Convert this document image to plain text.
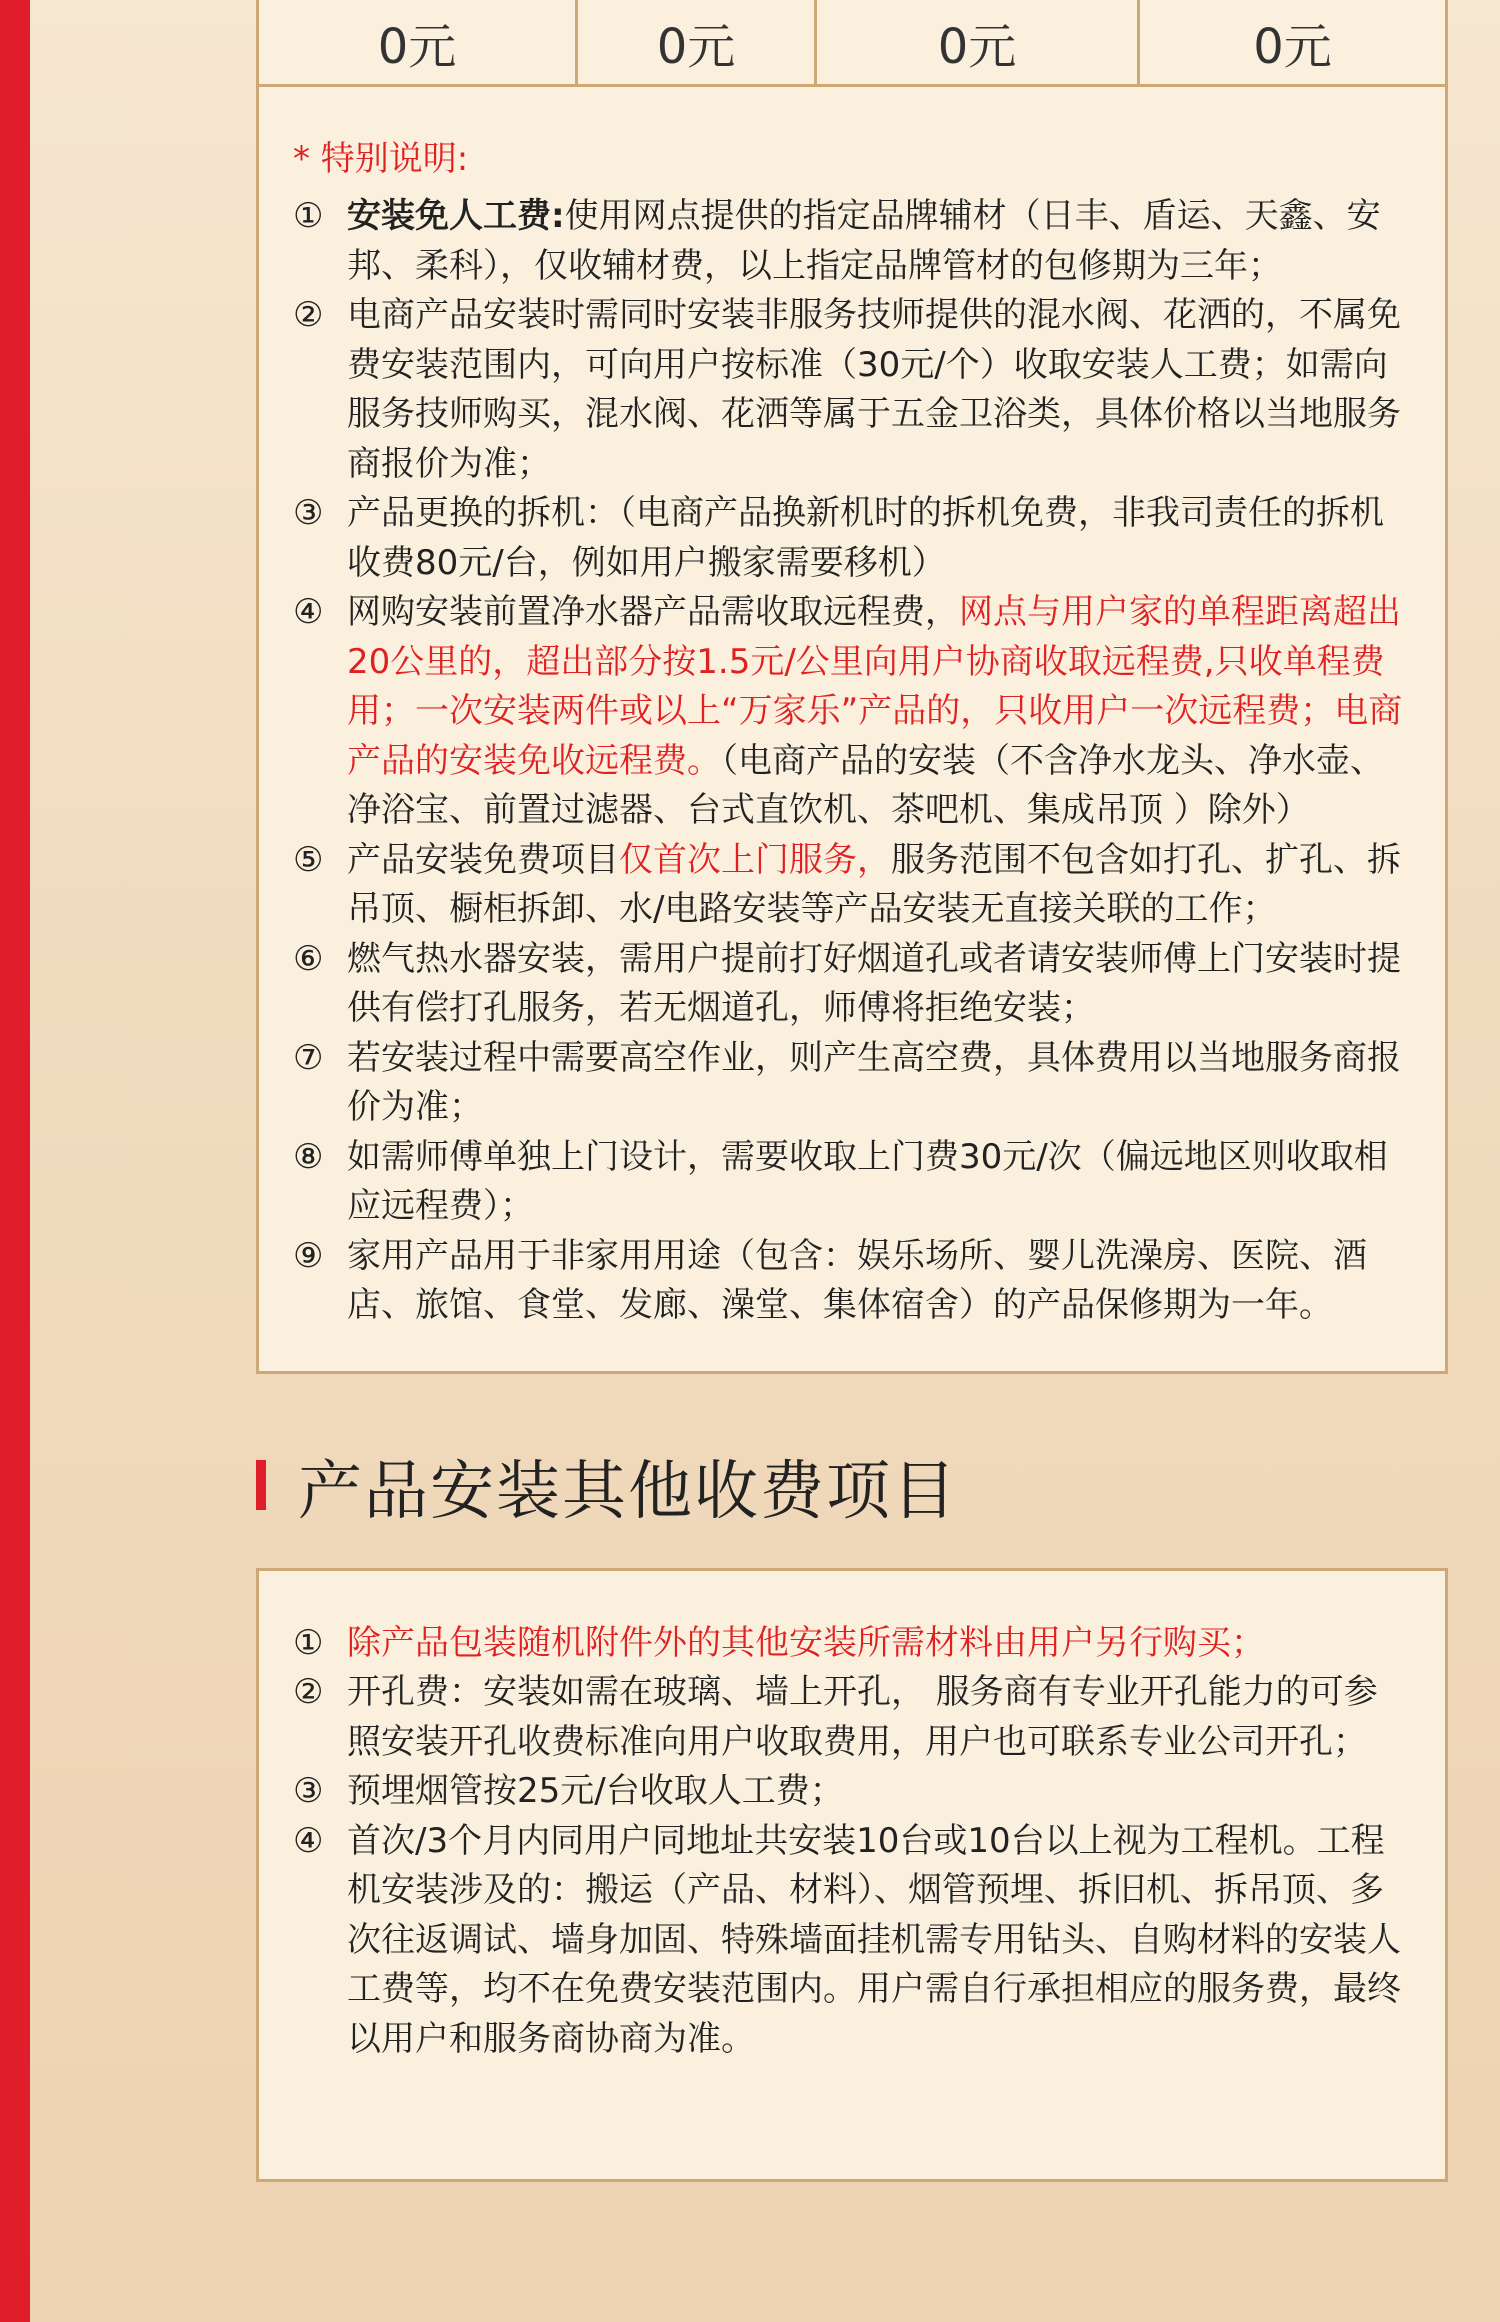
0元	0元	0元	0元
* 特别说明:
① 安装免人工费:使用网点提供的指定品牌辅材（日丰、盾运、天鑫、安邦、柔科），仅收辅材费，以上指定品牌管材的包修期为三年；
② 电商产品安装时需同时安装非服务技师提供的混水阀、花洒的，不属免费安装范围内，可向用户按标准（30元/个）收取安装人工费；如需向服务技师购买，混水阀、花洒等属于五金卫浴类，具体价格以当地服务商报价为准；
③ 产品更换的拆机：（电商产品换新机时的拆机免费，非我司责任的拆机收费80元/台，例如用户搬家需要移机）
④ 网购安装前置净水器产品需收取远程费，网点与用户家的单程距离超出20公里的，超出部分按1.5元/公里向用户协商收取远程费,只收单程费用；一次安装两件或以上“万家乐”产品的，只收用户一次远程费；电商产品的安装免收远程费。（电商产品的安装（不含净水龙头、净水壶、净浴宝、前置过滤器、台式直饮机、茶吧机、集成吊顶 ）除外）
⑤ 产品安装免费项目仅首次上门服务，服务范围不包含如打孔、扩孔、拆吊顶、橱柜拆卸、水/电路安装等产品安装无直接关联的工作；
⑥ 燃气热水器安装，需用户提前打好烟道孔或者请安装师傅上门安装时提供有偿打孔服务，若无烟道孔，师傅将拒绝安装；
⑦ 若安装过程中需要高空作业，则产生高空费，具体费用以当地服务商报价为准；
⑧ 如需师傅单独上门设计，需要收取上门费30元/次（偏远地区则收取相应远程费）；
⑨ 家用产品用于非家用用途（包含：娱乐场所、婴儿洗澡房、医院、酒店、旅馆、食堂、发廊、澡堂、集体宿舍）的产品保修期为一年。
产品安装其他收费项目
① 除产品包装随机附件外的其他安装所需材料由用户另行购买；
② 开孔费：安装如需在玻璃、墙上开孔， 服务商有专业开孔能力的可参照安装开孔收费标准向用户收取费用，用户也可联系专业公司开孔；
③ 预埋烟管按25元/台收取人工费；
④ 首次/3个月内同用户同地址共安装10台或10台以上视为工程机。工程机安装涉及的：搬运（产品、材料）、烟管预埋、拆旧机、拆吊顶、多次往返调试、墙身加固、特殊墙面挂机需专用钻头、自购材料的安装人工费等，均不在免费安装范围内。用户需自行承担相应的服务费，最终以用户和服务商协商为准。
